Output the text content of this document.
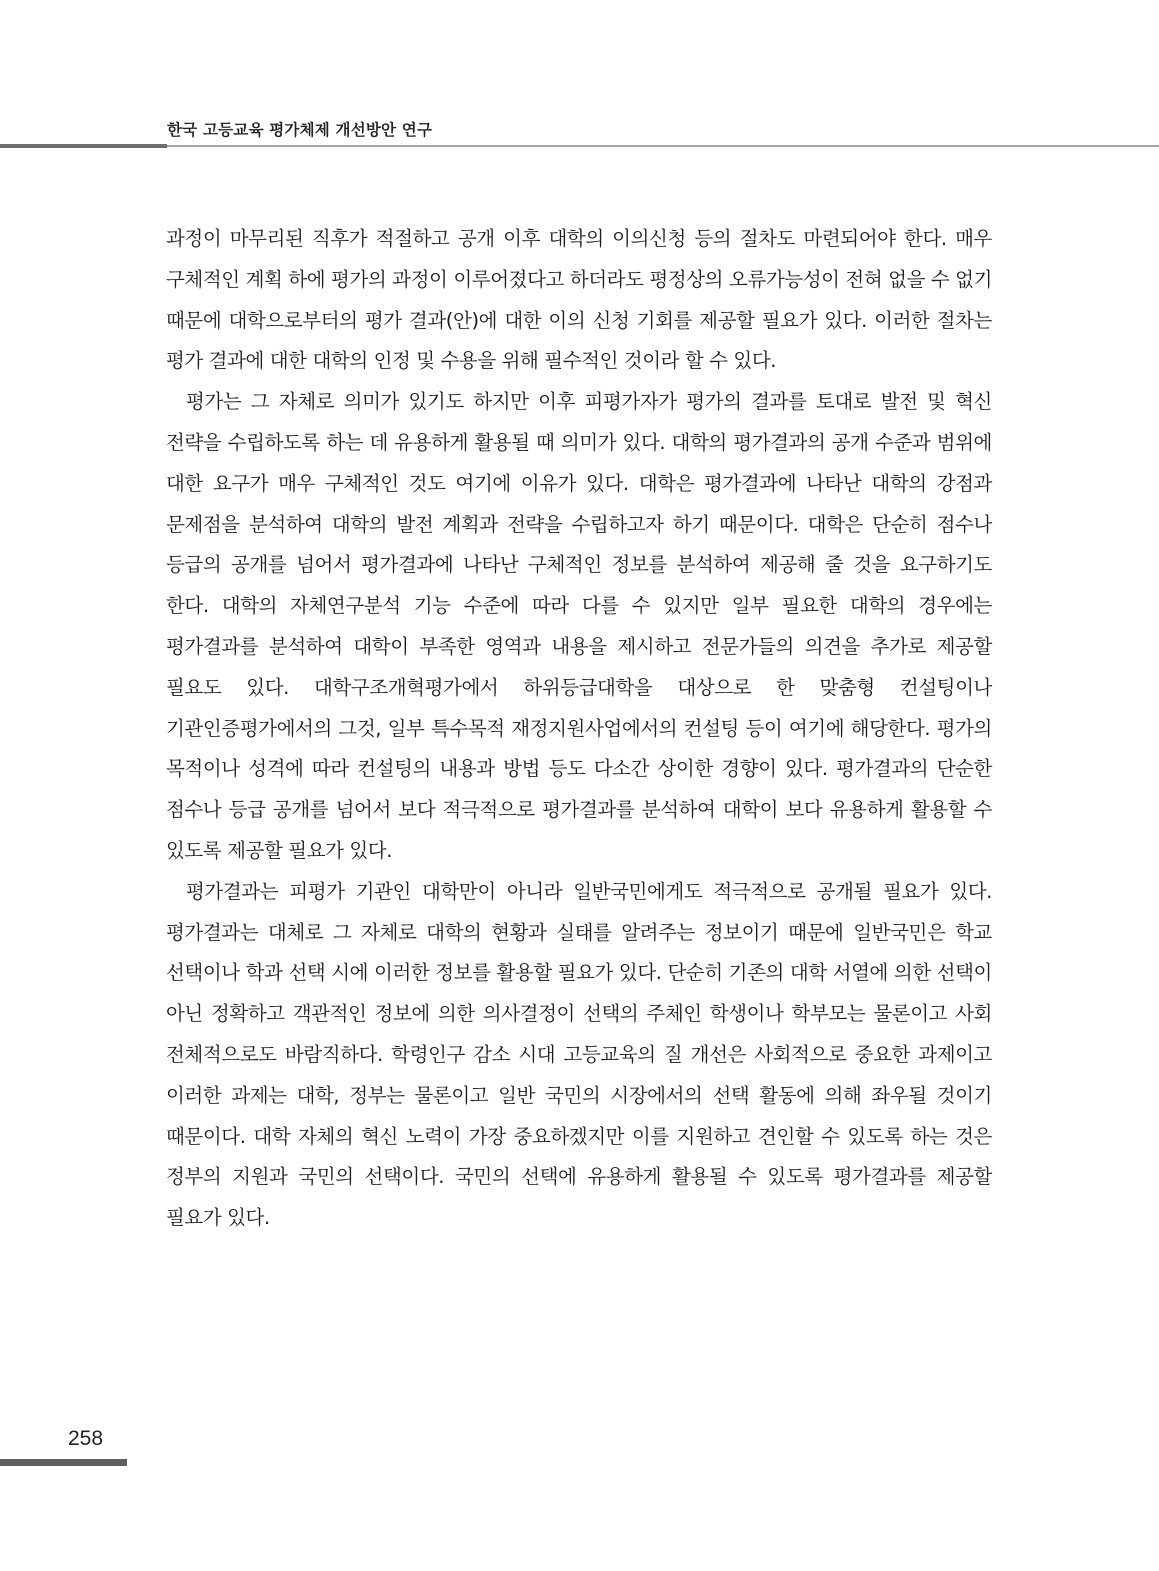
한국 고등교육 평가체제 개선방안 연구

과정이 마무리된 직후가 적절하고 공개 이후 대학의 이의신청 등의 절차도 마련되어야 한다. 매우 구체적인 계획 하에 평가의 과정이 이루어졌다고 하더라도 평정상의 오류가능성이 전혀 없을 수 없기 때문에 대학으로부터의 평가 결과(안)에 대한 이의 신청 기회를 제공할 필요가 있다. 이러한 절차는 평가 결과에 대한 대학의 인정 및 수용을 위해 필수적인 것이라 할 수 있다.

평가는 그 자체로 의미가 있기도 하지만 이후 피평가자가 평가의 결과를 토대로 발전 및 혁신 전략을 수립하도록 하는 데 유용하게 활용될 때 의미가 있다. 대학의 평가결과의 공개 수준과 범위에 대한 요구가 매우 구체적인 것도 여기에 이유가 있다. 대학은 평가결과에 나타난 대학의 강점과 문제점을 분석하여 대학의 발전 계획과 전략을 수립하고자 하기 때문이다. 대학은 단순히 점수나 등급의 공개를 넘어서 평가결과에 나타난 구체적인 정보를 분석하여 제공해 줄 것을 요구하기도 한다. 대학의 자체연구분석 기능 수준에 따라 다를 수 있지만 일부 필요한 대학의 경우에는 평가결과를 분석하여 대학이 부족한 영역과 내용을 제시하고 전문가들의 의견을 추가로 제공할 필요도 있다. 대학구조개혁평가에서 하위등급대학을 대상으로 한 맞춤형 컨설팅이나 기관인증평가에서의 그것, 일부 특수목적 재정지원사업에서의 컨설팅 등이 여기에 해당한다. 평가의 목적이나 성격에 따라 컨설팅의 내용과 방법 등도 다소간 상이한 경향이 있다. 평가결과의 단순한 점수나 등급 공개를 넘어서 보다 적극적으로 평가결과를 분석하여 대학이 보다 유용하게 활용할 수 있도록 제공할 필요가 있다.

평가결과는 피평가 기관인 대학만이 아니라 일반국민에게도 적극적으로 공개될 필요가 있다. 평가결과는 대체로 그 자체로 대학의 현황과 실태를 알려주는 정보이기 때문에 일반국민은 학교 선택이나 학과 선택 시에 이러한 정보를 활용할 필요가 있다. 단순히 기존의 대학 서열에 의한 선택이 아닌 정확하고 객관적인 정보에 의한 의사결정이 선택의 주체인 학생이나 학부모는 물론이고 사회 전체적으로도 바람직하다. 학령인구 감소 시대 고등교육의 질 개선은 사회적으로 중요한 과제이고 이러한 과제는 대학, 정부는 물론이고 일반 국민의 시장에서의 선택 활동에 의해 좌우될 것이기 때문이다. 대학 자체의 혁신 노력이 가장 중요하겠지만 이를 지원하고 견인할 수 있도록 하는 것은 정부의 지원과 국민의 선택이다. 국민의 선택에 유용하게 활용될 수 있도록 평가결과를 제공할 필요가 있다.

258
